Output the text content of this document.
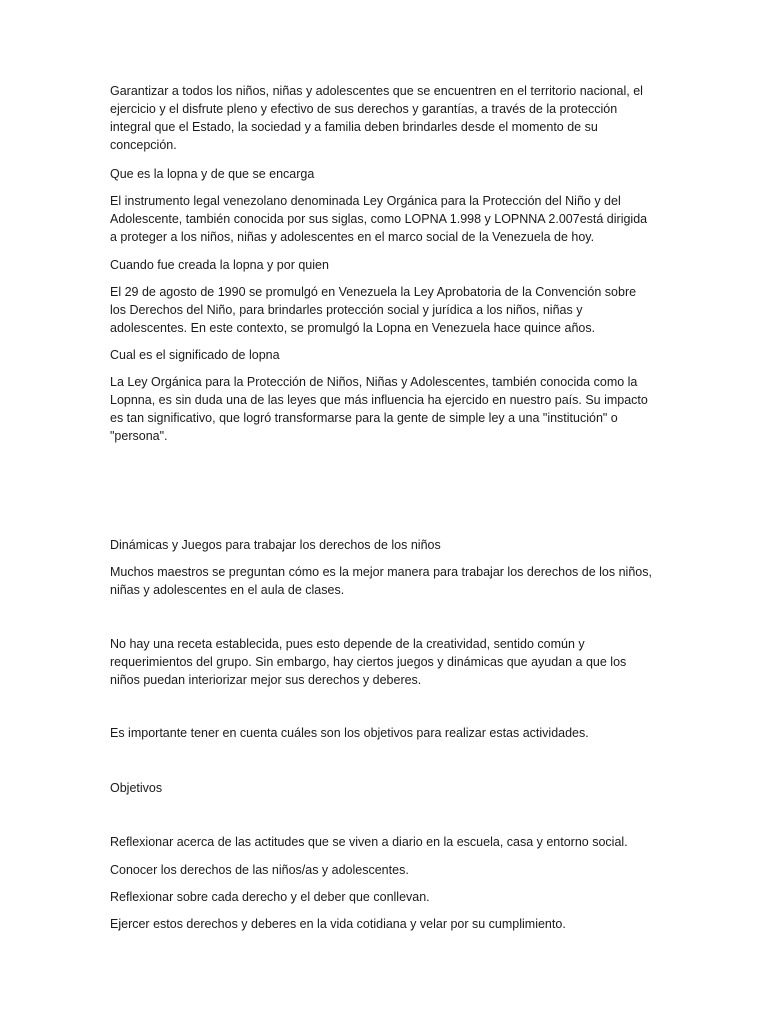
Garantizar a todos los niños, niñas y adolescentes que se encuentren en el territorio nacional, el ejercicio y el disfrute pleno y efectivo de sus derechos y garantías, a través de la protección integral que el Estado, la sociedad y a familia deben brindarles desde el momento de su concepción.

Que es la lopna y de que se encarga

El instrumento legal venezolano denominada Ley Orgánica para la Protección del Niño y del Adolescente, también conocida por sus siglas, como LOPNA 1.998 y LOPNNA 2.007está dirigida a proteger a los niños, niñas y adolescentes en el marco social de la Venezuela de hoy.

Cuando fue creada la lopna y por quien

El 29 de agosto de 1990 se promulgó en Venezuela la Ley Aprobatoria de la Convención sobre los Derechos del Niño, para brindarles protección social y jurídica a los niños, niñas y adolescentes. En este contexto, se promulgó la Lopna en Venezuela hace quince años.

Cual es el significado de lopna

La Ley Orgánica para la Protección de Niños, Niñas y Adolescentes, también conocida como la Lopnna, es sin duda una de las leyes que más influencia ha ejercido en nuestro país. Su impacto es tan significativo, que logró transformarse para la gente de simple ley a una "institución" o "persona".

Dinámicas y Juegos para trabajar los derechos de los niños

Muchos maestros se preguntan cómo es la mejor manera para trabajar los derechos de los niños, niñas y adolescentes en el aula de clases.

No hay una receta establecida, pues esto depende de la creatividad, sentido común y requerimientos del grupo. Sin embargo, hay ciertos juegos y dinámicas que ayudan a que los niños puedan interiorizar mejor sus derechos y deberes.

Es importante tener en cuenta cuáles son los objetivos para realizar estas actividades.

Objetivos

Reflexionar acerca de las actitudes que se viven a diario en la escuela, casa y entorno social.

Conocer los derechos de las niños/as y adolescentes.

Reflexionar sobre cada derecho y el deber que conllevan.

Ejercer estos derechos y deberes en la vida cotidiana y velar por su cumplimiento.
